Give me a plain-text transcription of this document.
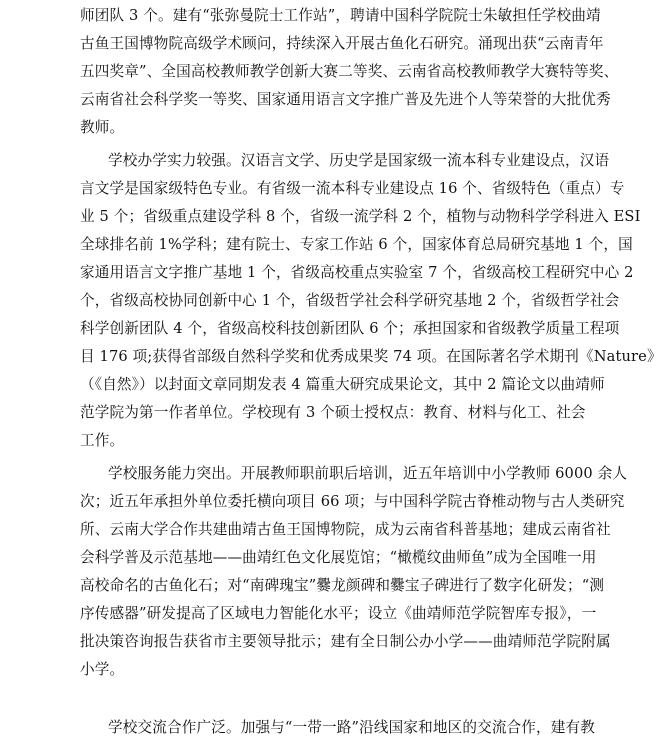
师团队 3 个。建有“张弥曼院士工作站”，聘请中国科学院院士朱敏担任学校曲靖
古鱼王国博物院高级学术顾问，持续深入开展古鱼化石研究。涌现出获“云南青年
五四奖章”、全国高校教师教学创新大赛二等奖、云南省高校教师教学大赛特等奖、
云南省社会科学奖一等奖、国家通用语言文字推广普及先进个人等荣誉的大批优秀
教师。
学校办学实力较强。汉语言文学、历史学是国家级一流本科专业建设点，汉语
言文学是国家级特色专业。有省级一流本科专业建设点 16 个、省级特色（重点）专
业 5 个；省级重点建设学科 8 个，省级一流学科 2 个，植物与动物科学学科进入 ESI
全球排名前 1%学科；建有院士、专家工作站 6 个，国家体育总局研究基地 1 个，国
家通用语言文字推广基地 1 个，省级高校重点实验室 7 个，省级高校工程研究中心 2
个，省级高校协同创新中心 1 个，省级哲学社会科学研究基地 2 个，省级哲学社会
科学创新团队 4 个，省级高校科技创新团队 6 个；承担国家和省级教学质量工程项
目 176 项;获得省部级自然科学奖和优秀成果奖 74 项。在国际著名学术期刊《Nature》
（《自然》）以封面文章同期发表 4 篇重大研究成果论文，其中 2 篇论文以曲靖师
范学院为第一作者单位。学校现有 3 个硕士授权点：教育、材料与化工、社会
工作。
学校服务能力突出。开展教师职前职后培训，近五年培训中小学教师 6000 余人
次；近五年承担外单位委托横向项目 66 项；与中国科学院古脊椎动物与古人类研究
所、云南大学合作共建曲靖古鱼王国博物院，成为云南省科普基地；建成云南省社
会科学普及示范基地——曲靖红色文化展览馆；“橄榄纹曲师鱼”成为全国唯一用
高校命名的古鱼化石；对“南碑瑰宝”爨龙颜碑和爨宝子碑进行了数字化研发；“测
序传感器”研发提高了区域电力智能化水平；设立《曲靖师范学院智库专报》，一
批决策咨询报告获省市主要领导批示；建有全日制公办小学——曲靖师范学院附属
小学。
学校交流合作广泛。加强与“一带一路”沿线国家和地区的交流合作，建有教
